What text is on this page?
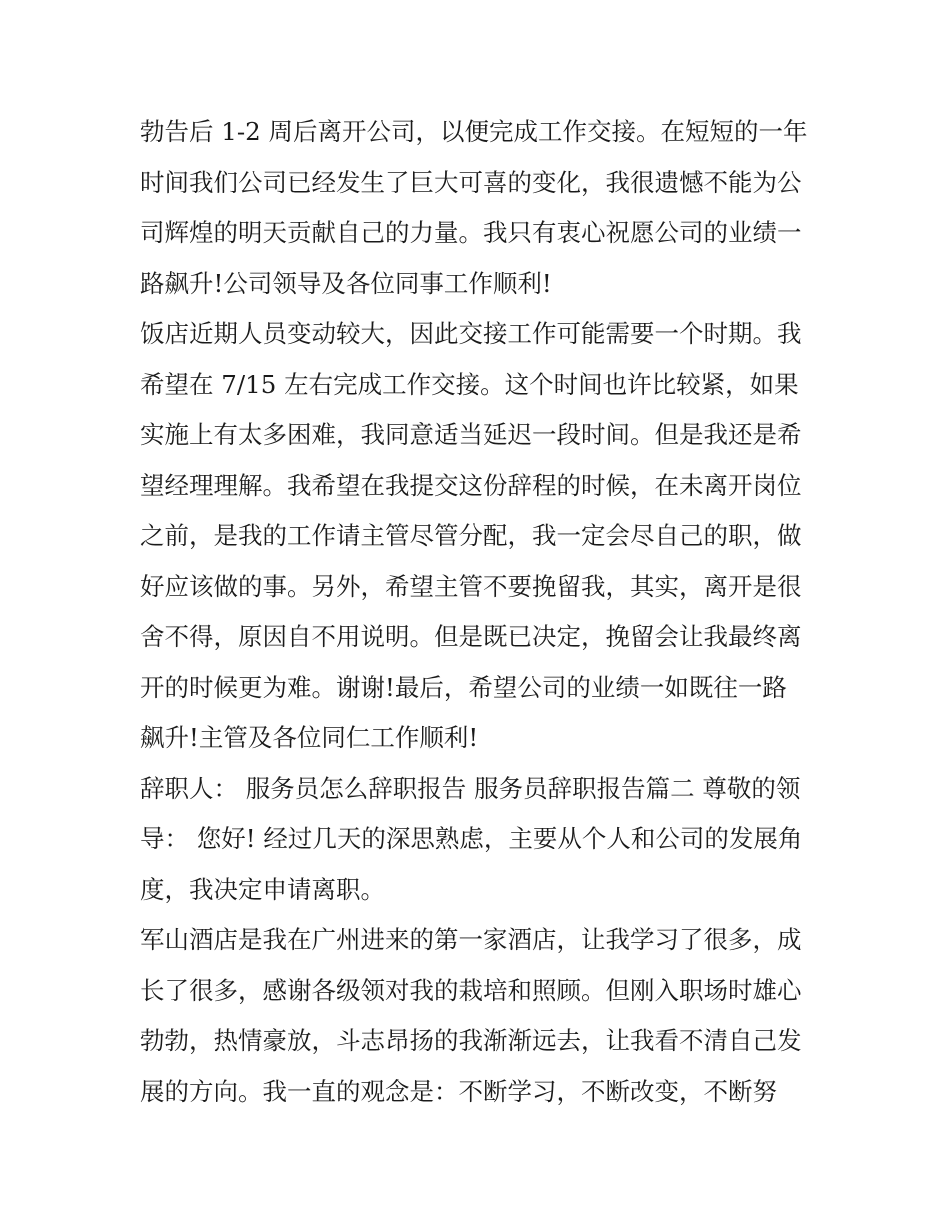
勃告后 1-2 周后离开公司，以便完成工作交接。在短短的一年
时间我们公司已经发生了巨大可喜的变化，我很遗憾不能为公
司辉煌的明天贡献自己的力量。我只有衷心祝愿公司的业绩一
路飙升!公司领导及各位同事工作顺利!
饭店近期人员变动较大，因此交接工作可能需要一个时期。我
希望在 7/15 左右完成工作交接。这个时间也许比较紧，如果
实施上有太多困难，我同意适当延迟一段时间。但是我还是希
望经理理解。我希望在我提交这份辞程的时候，在未离开岗位
之前，是我的工作请主管尽管分配，我一定会尽自己的职，做
好应该做的事。另外，希望主管不要挽留我，其实，离开是很
舍不得，原因自不用说明。但是既已决定，挽留会让我最终离
开的时候更为难。谢谢!最后，希望公司的业绩一如既往一路
飙升!主管及各位同仁工作顺利!
辞职人： 服务员怎么辞职报告 服务员辞职报告篇二 尊敬的领
导： 您好! 经过几天的深思熟虑，主要从个人和公司的发展角
度，我决定申请离职。
军山酒店是我在广州进来的第一家酒店，让我学习了很多，成
长了很多，感谢各级领对我的栽培和照顾。但刚入职场时雄心
勃勃，热情豪放，斗志昂扬的我渐渐远去，让我看不清自己发
展的方向。我一直的观念是：不断学习，不断改变，不断努
